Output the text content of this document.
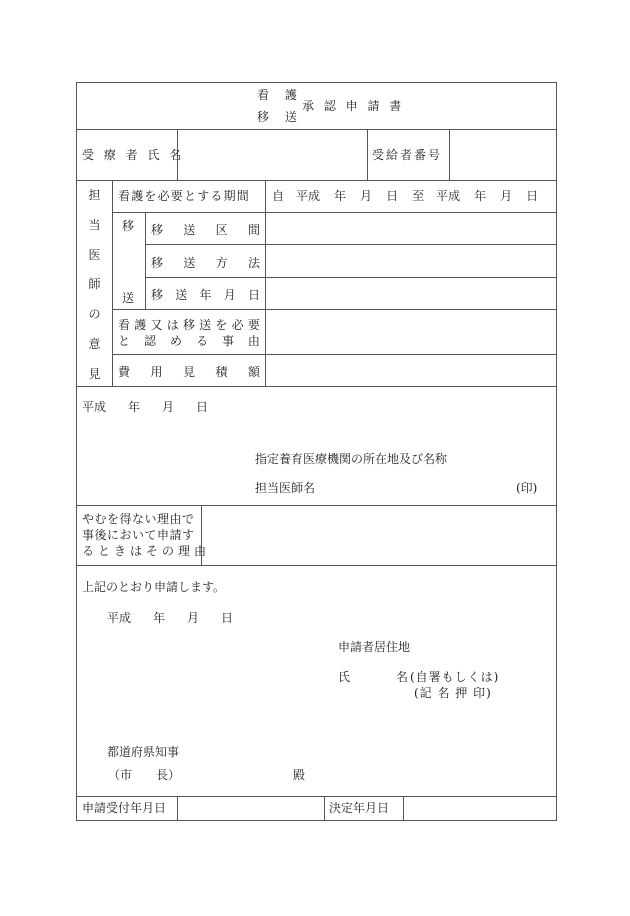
看 護
移 送
承 認 申 請 書
受 療 者 氏 名	受給者番号
担
当
医
師
の
意
見
看護を必要とする期間 自 平成 年 月 日 至 平成 年 月 日
移
送
移 送 区 間
移 送 方 法
移 送 年 月 日
看 護 又 は 移 送 を 必 要
と 認 め る 事 由
費 用 見 積 額
平成 年 月 日
指定養育医療機関の所在地及び名称
担当医師名	(印)
やむを得ない理由で
事後において申請す
るときはその理由
上記のとおり申請します。
平成 年 月 日
申請者居住地
氏	名 (自署もしくは)
(記 名 押 印)
都道府県知事
（市　　長）	殿
申請受付年月日	決定年月日
